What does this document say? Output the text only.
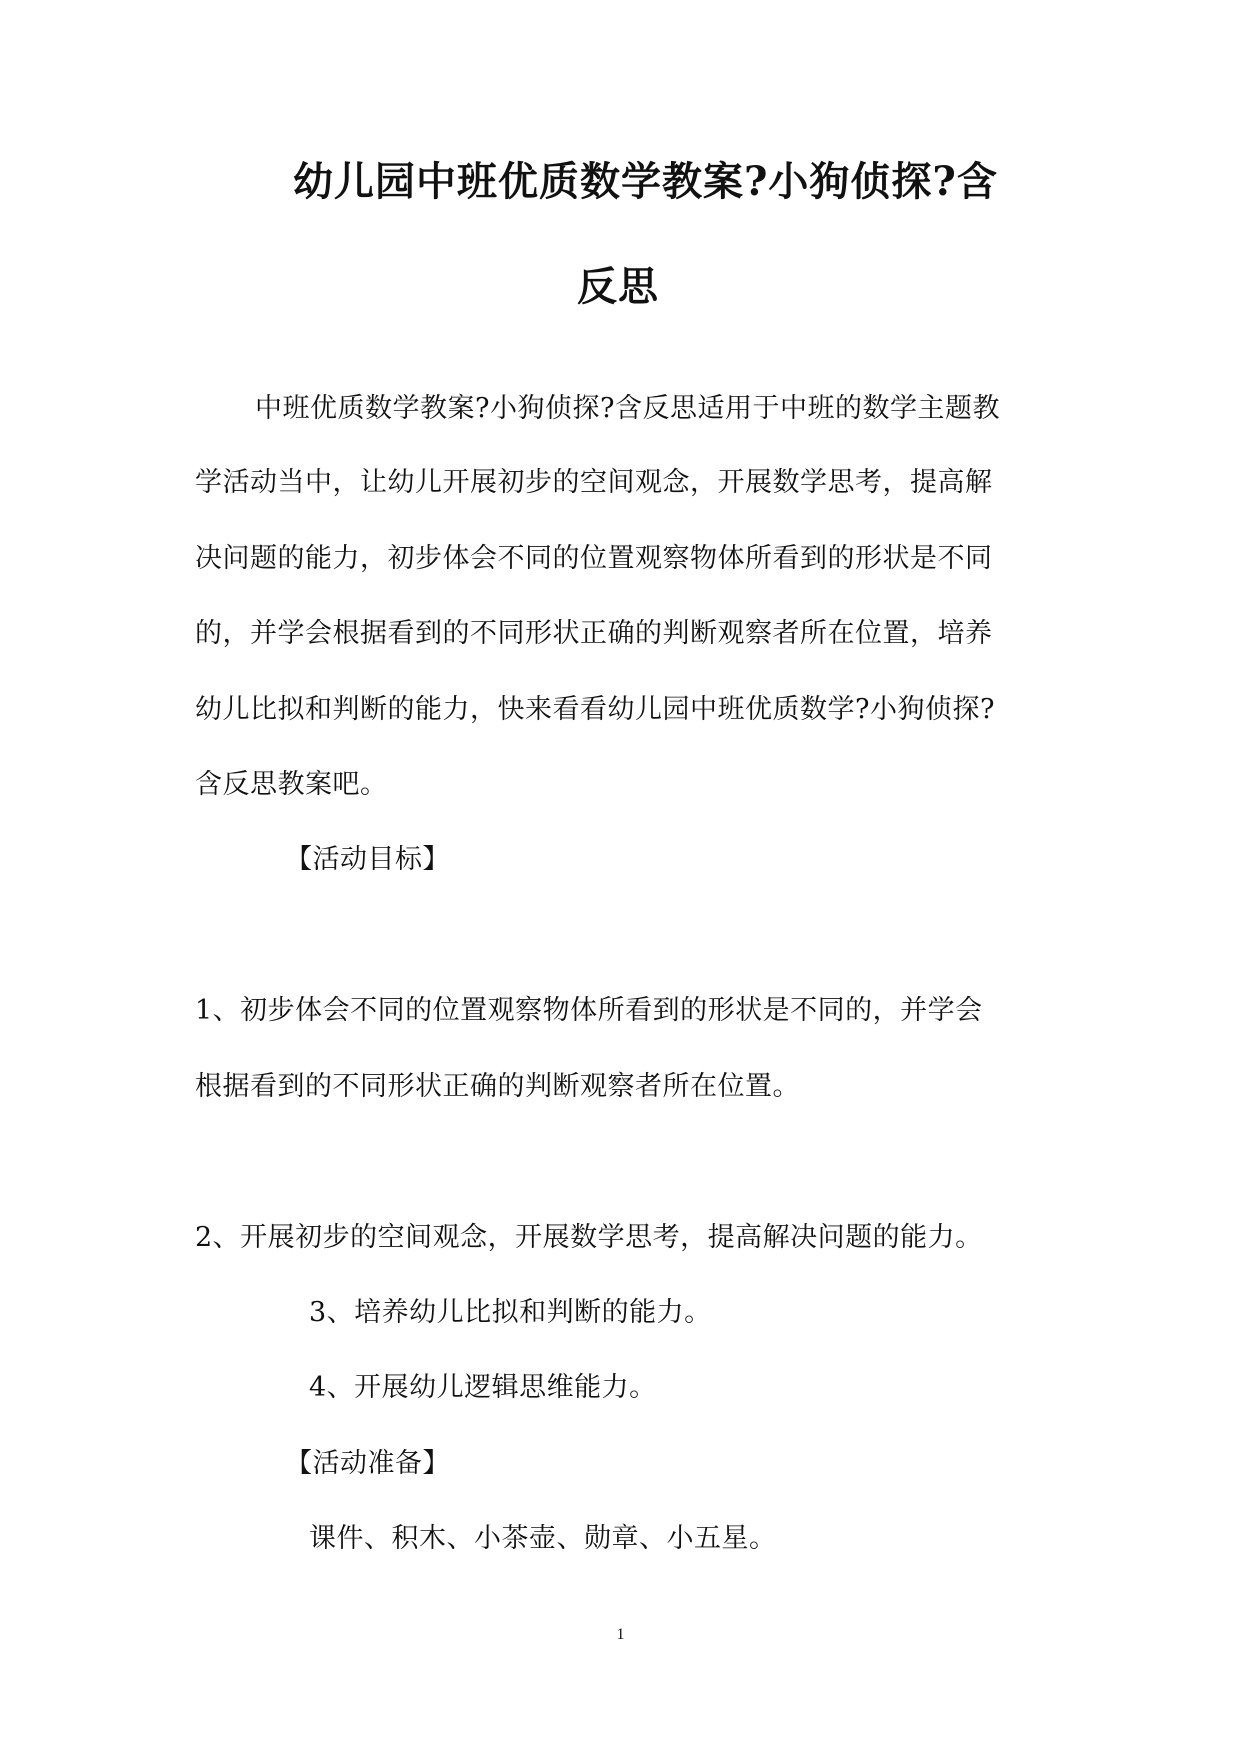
幼儿园中班优质数学教案?小狗侦探?含
反思
中班优质数学教案?小狗侦探?含反思适用于中班的数学主题教
学活动当中，让幼儿开展初步的空间观念，开展数学思考，提高解
决问题的能力，初步体会不同的位置观察物体所看到的形状是不同
的，并学会根据看到的不同形状正确的判断观察者所在位置，培养
幼儿比拟和判断的能力，快来看看幼儿园中班优质数学?小狗侦探?
含反思教案吧。
【活动目标】
1、初步体会不同的位置观察物体所看到的形状是不同的，并学会
根据看到的不同形状正确的判断观察者所在位置。
2、开展初步的空间观念，开展数学思考，提高解决问题的能力。
3、培养幼儿比拟和判断的能力。
4、开展幼儿逻辑思维能力。
【活动准备】
课件、积木、小茶壶、勋章、小五星。
1
